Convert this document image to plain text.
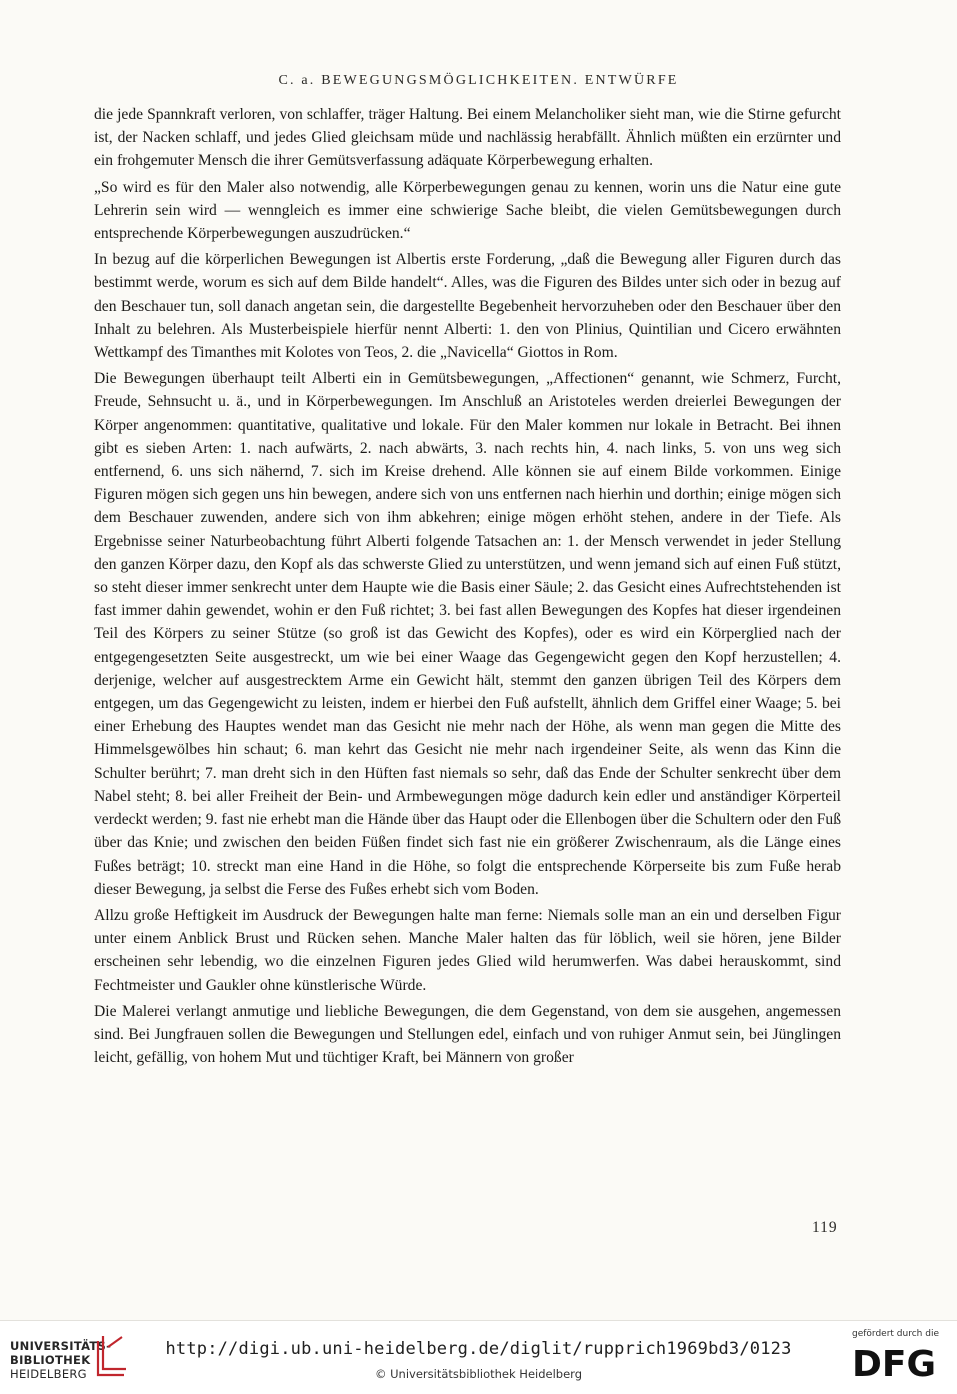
C. a. BEWEGUNGSMÖGLICHKEITEN. ENTWÜRFE

die jede Spannkraft verloren, von schlaffer, träger Haltung. Bei einem Melancholiker sieht man, wie die Stirne gefurcht ist, der Nacken schlaff, und jedes Glied gleichsam müde und nachlässig herabfällt. Ähnlich müßten ein erzürnter und ein frohgemuter Mensch die ihrer Gemütsverfassung adäquate Körperbewegung erhalten.

„So wird es für den Maler also notwendig, alle Körperbewegungen genau zu kennen, worin uns die Natur eine gute Lehrerin sein wird — wenngleich es immer eine schwierige Sache bleibt, die vielen Gemütsbewegungen durch entsprechende Körperbewegungen auszudrücken.“

In bezug auf die körperlichen Bewegungen ist Albertis erste Forderung, „daß die Bewegung aller Figuren durch das bestimmt werde, worum es sich auf dem Bilde handelt“. Alles, was die Figuren des Bildes unter sich oder in bezug auf den Beschauer tun, soll danach angetan sein, die dargestellte Begebenheit hervorzuheben oder den Beschauer über den Inhalt zu belehren. Als Musterbeispiele hierfür nennt Alberti: 1. den von Plinius, Quintilian und Cicero erwähnten Wettkampf des Timanthes mit Kolotes von Teos, 2. die „Navicella“ Giottos in Rom.

Die Bewegungen überhaupt teilt Alberti ein in Gemütsbewegungen, „Affectionen“ genannt, wie Schmerz, Furcht, Freude, Sehnsucht u. ä., und in Körperbewegungen. Im Anschluß an Aristoteles werden dreierlei Bewegungen der Körper angenommen: quantitative, qualitative und lokale. Für den Maler kommen nur lokale in Betracht. Bei ihnen gibt es sieben Arten: 1. nach aufwärts, 2. nach abwärts, 3. nach rechts hin, 4. nach links, 5. von uns weg sich entfernend, 6. uns sich nähernd, 7. sich im Kreise drehend. Alle können sie auf einem Bilde vorkommen. Einige Figuren mögen sich gegen uns hin bewegen, andere sich von uns entfernen nach hierhin und dorthin; einige mögen sich dem Beschauer zuwenden, andere sich von ihm abkehren; einige mögen erhöht stehen, andere in der Tiefe. Als Ergebnisse seiner Naturbeobachtung führt Alberti folgende Tatsachen an: 1. der Mensch verwendet in jeder Stellung den ganzen Körper dazu, den Kopf als das schwerste Glied zu unterstützen, und wenn jemand sich auf einen Fuß stützt, so steht dieser immer senkrecht unter dem Haupte wie die Basis einer Säule; 2. das Gesicht eines Aufrechtstehenden ist fast immer dahin gewendet, wohin er den Fuß richtet; 3. bei fast allen Bewegungen des Kopfes hat dieser irgendeinen Teil des Körpers zu seiner Stütze (so groß ist das Gewicht des Kopfes), oder es wird ein Körperglied nach der entgegengesetzten Seite ausgestreckt, um wie bei einer Waage das Gegengewicht gegen den Kopf herzustellen; 4. derjenige, welcher auf ausgestrecktem Arme ein Gewicht hält, stemmt den ganzen übrigen Teil des Körpers dem entgegen, um das Gegengewicht zu leisten, indem er hierbei den Fuß aufstellt, ähnlich dem Griffel einer Waage; 5. bei einer Erhebung des Hauptes wendet man das Gesicht nie mehr nach der Höhe, als wenn man gegen die Mitte des Himmelsgewölbes hin schaut; 6. man kehrt das Gesicht nie mehr nach irgendeiner Seite, als wenn das Kinn die Schulter berührt; 7. man dreht sich in den Hüften fast niemals so sehr, daß das Ende der Schulter senkrecht über dem Nabel steht; 8. bei aller Freiheit der Bein- und Armbewegungen möge dadurch kein edler und anständiger Körperteil verdeckt werden; 9. fast nie erhebt man die Hände über das Haupt oder die Ellenbogen über die Schultern oder den Fuß über das Knie; und zwischen den beiden Füßen findet sich fast nie ein größerer Zwischenraum, als die Länge eines Fußes beträgt; 10. streckt man eine Hand in die Höhe, so folgt die entsprechende Körperseite bis zum Fuße herab dieser Bewegung, ja selbst die Ferse des Fußes erhebt sich vom Boden.

Allzu große Heftigkeit im Ausdruck der Bewegungen halte man ferne: Niemals solle man an ein und derselben Figur unter einem Anblick Brust und Rücken sehen. Manche Maler halten das für löblich, weil sie hören, jene Bilder erscheinen sehr lebendig, wo die einzelnen Figuren jedes Glied wild herumwerfen. Was dabei herauskommt, sind Fechtmeister und Gaukler ohne künstlerische Würde.

Die Malerei verlangt anmutige und liebliche Bewegungen, die dem Gegenstand, von dem sie ausgehen, angemessen sind. Bei Jungfrauen sollen die Bewegungen und Stellungen edel, einfach und von ruhiger Anmut sein, bei Jünglingen leicht, gefällig, von hohem Mut und tüchtiger Kraft, bei Männern von großer

119
UNIVERSITÄTS-
BIBLIOTHEK
HEIDELBERG
http://digi.ub.uni-heidelberg.de/diglit/rupprich1969bd3/0123
© Universitätsbibliothek Heidelberg
gefördert durch die
DFG
